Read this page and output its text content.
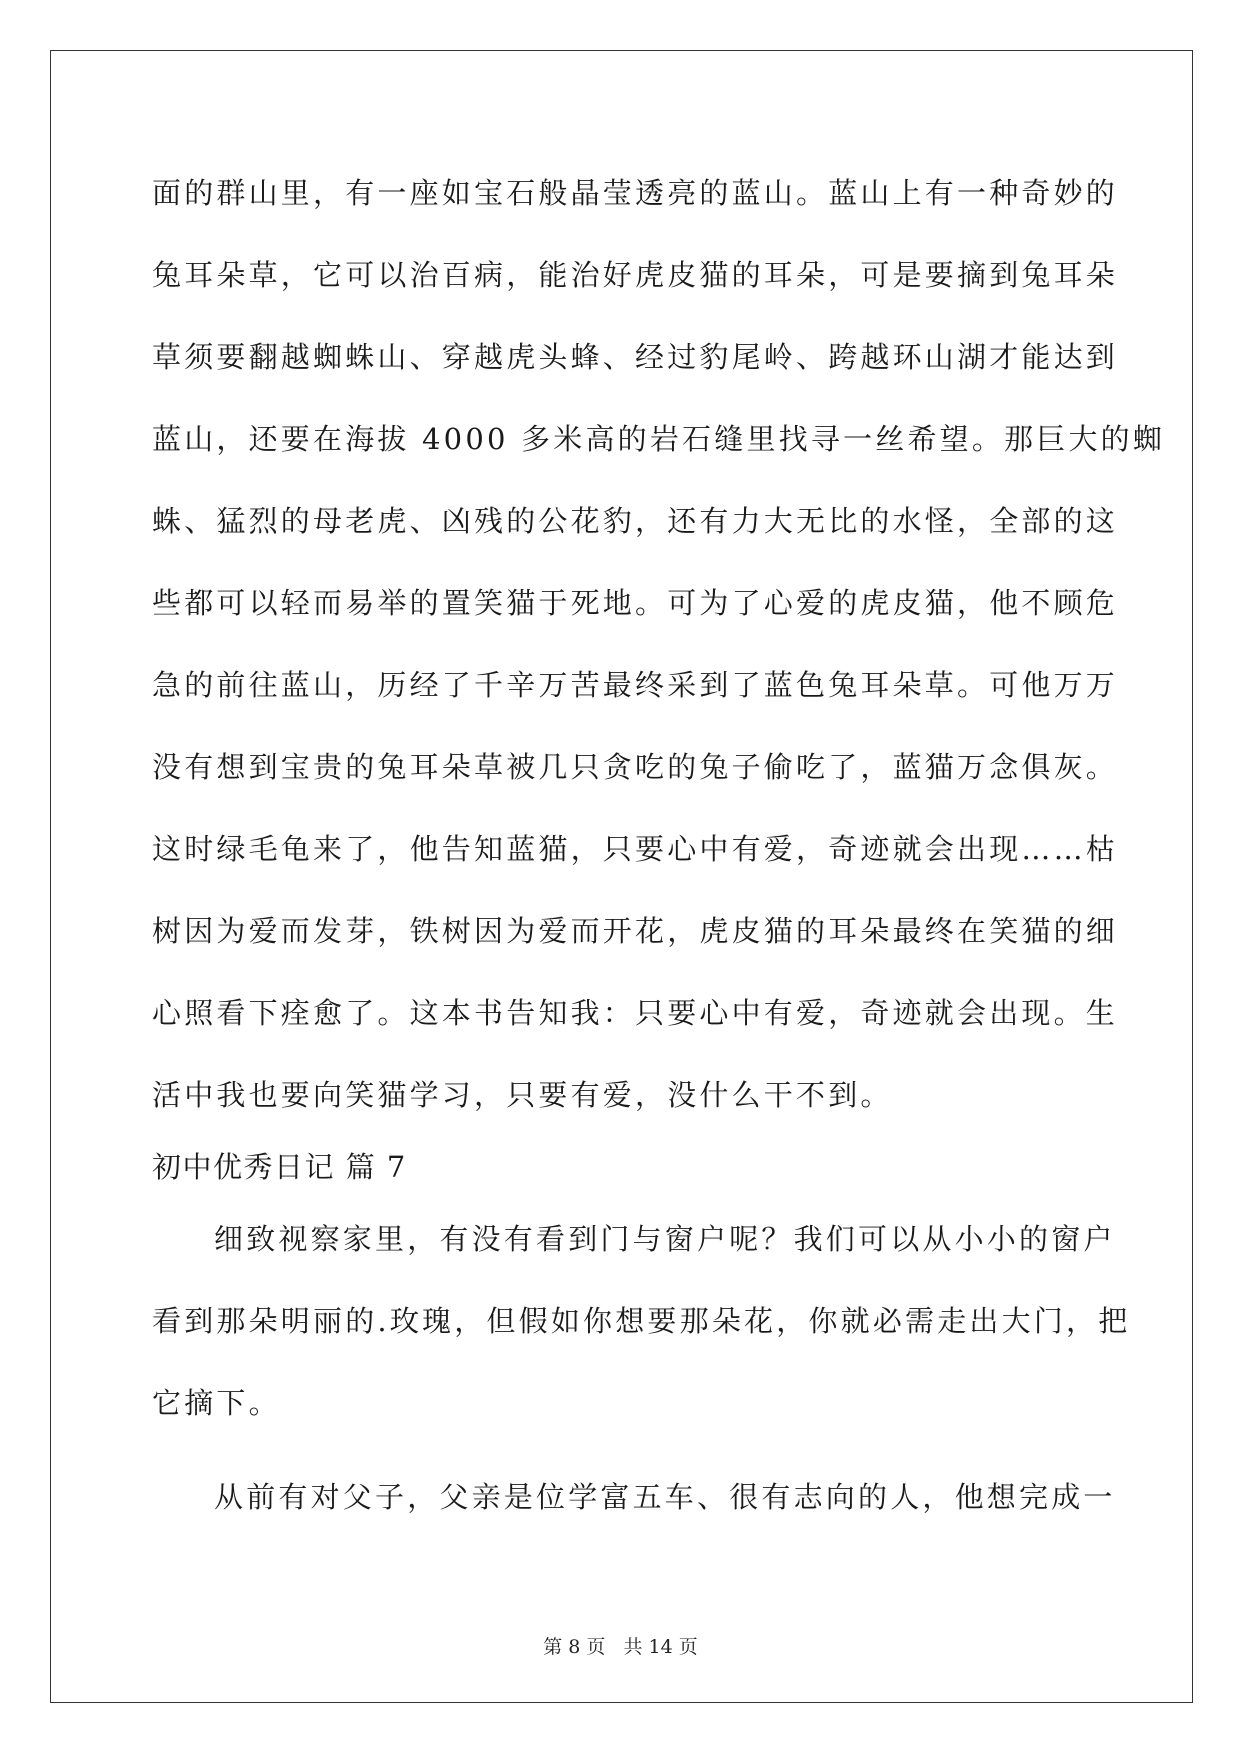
面的群山里，有一座如宝石般晶莹透亮的蓝山。蓝山上有一种奇妙的
兔耳朵草，它可以治百病，能治好虎皮猫的耳朵，可是要摘到兔耳朵
草须要翻越蜘蛛山、穿越虎头蜂、经过豹尾岭、跨越环山湖才能达到
蓝山，还要在海拔 4000 多米高的岩石缝里找寻一丝希望。那巨大的蜘
蛛、猛烈的母老虎、凶残的公花豹，还有力大无比的水怪，全部的这
些都可以轻而易举的置笑猫于死地。可为了心爱的虎皮猫，他不顾危
急的前往蓝山，历经了千辛万苦最终采到了蓝色兔耳朵草。可他万万
没有想到宝贵的兔耳朵草被几只贪吃的兔子偷吃了，蓝猫万念俱灰。
这时绿毛龟来了，他告知蓝猫，只要心中有爱，奇迹就会出现……枯
树因为爱而发芽，铁树因为爱而开花，虎皮猫的耳朵最终在笑猫的细
心照看下痊愈了。这本书告知我：只要心中有爱，奇迹就会出现。生
活中我也要向笑猫学习，只要有爱，没什么干不到。
初中优秀日记 篇 7
细致视察家里，有没有看到门与窗户呢？我们可以从小小的窗户
看到那朵明丽的.玫瑰，但假如你想要那朵花，你就必需走出大门，把
它摘下。
从前有对父子，父亲是位学富五车、很有志向的人，他想完成一
第 8 页 共 14 页
